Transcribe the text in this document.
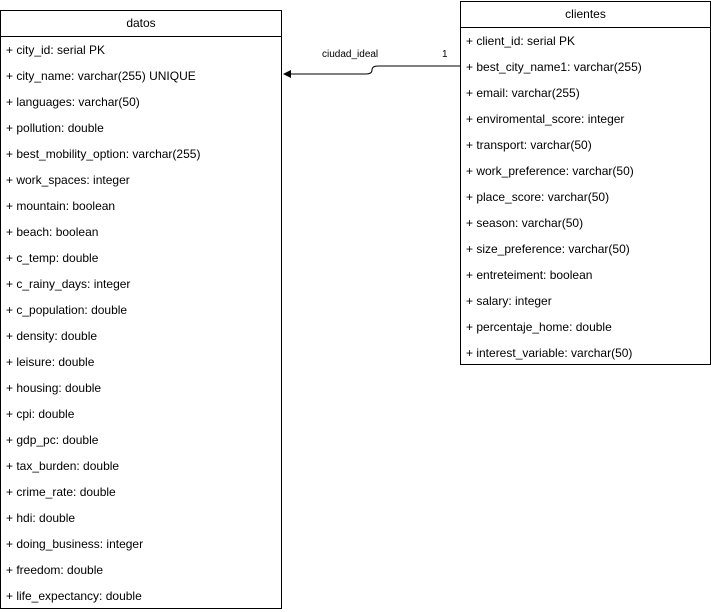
datos
+ city_id: serial PK
+ city_name: varchar(255) UNIQUE
+ languages: varchar(50)
+ pollution: double
+ best_mobility_option: varchar(255)
+ work_spaces: integer
+ mountain: boolean
+ beach: boolean
+ c_temp: double
+ c_rainy_days: integer
+ c_population: double
+ density: double
+ leisure: double
+ housing: double
+ cpi: double
+ gdp_pc: double
+ tax_burden: double
+ crime_rate: double
+ hdi: double
+ doing_business: integer
+ freedom: double
+ life_expectancy: double
clientes
+ client_id: serial PK
+ best_city_name1: varchar(255)
+ email: varchar(255)
+ enviromental_score: integer
+ transport: varchar(50)
+ work_preference: varchar(50)
+ place_score: varchar(50)
+ season: varchar(50)
+ size_preference: varchar(50)
+ entreteiment: boolean
+ salary: integer
+ percentaje_home: double
+ interest_variable: varchar(50)
ciudad_ideal	1
